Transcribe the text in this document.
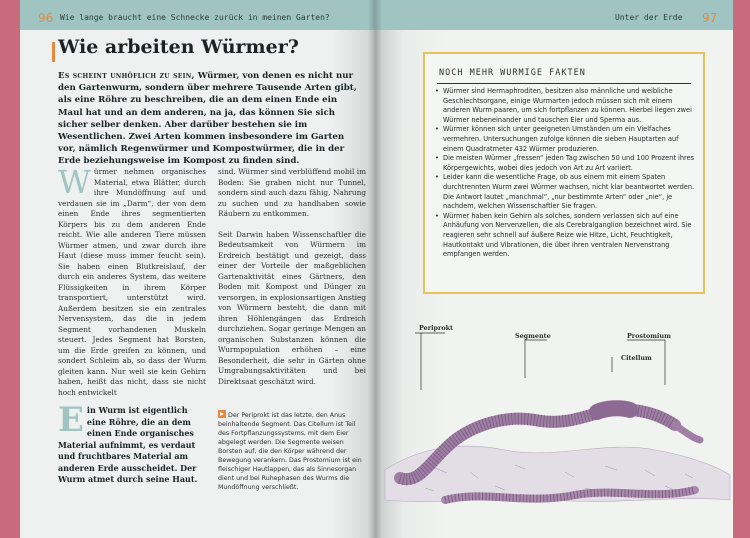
96 Wie lange braucht eine Schnecke zurück in meinen Garten?
Wie arbeiten Würmer?
Es scheint unhöflich zu sein, Würmer, von denen es nicht nur den Gartenwurm, sondern über mehrere Tausende Arten gibt, als eine Röhre zu beschreiben, die an dem einen Ende ein Maul hat und an dem anderen, na ja, das können Sie sich sicher selber denken. Aber darüber bestehen sie im Wesentlichen. Zwei Arten kommen insbesondere im Garten vor, nämlich Regenwürmer und Kompostwürmer, die in der Erde beziehungsweise im Kompost zu finden sind.
Würmer nehmen organisches Material, etwa Blätter, durch ihre Mundöffnung auf und verdauen sie im „Darm“, der von dem einen Ende ihres segmentierten Körpers bis zu dem anderen Ende reicht. Wie alle anderen Tiere müssen Würmer atmen, und zwar durch ihre Haut (diese muss immer feucht sein). Sie haben einen Blutkreislauf, der durch ein anderes System, das weitere Flüssigkeiten in ihrem Körper transportiert, unterstützt wird. Außerdem besitzen sie ein zentrales Nervensystem, das die in jedem Segment vorhandenen Muskeln steuert. Jedes Segment hat Borsten, um die Erde greifen zu können, und sondert Schleim ab, so dass der Wurm gleiten kann. Nur weil sie kein Gehirn haben, heißt das nicht, dass sie nicht hoch entwickelt
sind. Würmer sind verblüffend mobil im Boden: Sie graben nicht nur Tunnel, sondern sind auch dazu fähig, Nahrung zu suchen und zu handhaben sowie Räubern zu entkommen.
Seit Darwin haben Wissenschaftler die Bedeutsamkeit von Würmern im Erdreich bestätigt und gezeigt, dass einer der Vorteile der maßgeblichen Gartenaktivität eines Gärtners, den Boden mit Kompost und Dünger zu versorgen, in explosionsartigen Anstieg von Würmern besteht, die dann mit ihren Höhlengängen das Erdreich durchziehen. Sogar geringe Mengen an organischen Substanzen können die Wurmpopulation erhöhen – eine Besonderheit, die sehr in Gärten ohne Umgrabungsaktivitäten und bei Direktsaat geschätzt wird.
Ein Wurm ist eigentlich eine Röhre, die an dem einen Ende organisches Material aufnimmt, es verdaut und fruchtbares Material am anderen Erde ausscheidet. Der Wurm atmet durch seine Haut.
Der Periprokt ist das letzte, den Anus beinhaltende Segment. Das Citellum ist Teil des Fortpflanzungssystems, mit dem Eier abgelegt werden. Die Segmente weisen Borsten auf, die den Körper während der Bewegung verankern. Das Prostomium ist ein fleischiger Hautlappen, das als Sinnesorgan dient und bei Ruhephasen des Wurms die Mundöffnung verschließt.
Unter der Erde 97
NOCH MEHR WURMIGE FAKTEN
• Würmer sind Hermaphroditen, besitzen also männliche und weibliche Geschlechtsorgane, einige Wurmarten jedoch müssen sich mit einem anderen Wurm paaren, um sich fortpflanzen zu können. Hierbei liegen zwei Würmer nebeneinander und tauschen Eier und Sperma aus.
• Würmer können sich unter geeigneten Umständen um ein Vielfaches vermehren. Untersuchungen zufolge können die sieben Hauptarten auf einem Quadratmeter 432 Würmer produzieren.
• Die meisten Würmer „fressen“ jeden Tag zwischen 50 und 100 Prozent ihres Körpergewichts, wobei dies jedoch von Art zu Art variiert.
• Leider kann die wesentliche Frage, ob aus einem mit einem Spaten durchtrennten Wurm zwei Würmer wachsen, nicht klar beantwortet werden. Die Antwort lautet „manchmal“, „nur bestimmte Arten“ oder „nie“, je nachdem, welchen Wissenschaftler Sie fragen.
• Würmer haben kein Gehirn als solches, sondern verlassen sich auf eine Anhäufung von Nervenzellen, die als Cerebralganglion bezeichnet wird. Sie reagieren sehr schnell auf äußere Reize wie Hitze, Licht, Feuchtigkeit, Hautkontakt und Vibrationen, die über ihren ventralen Nervenstrang empfangen werden.
Periprokt
Segmente	Prostomium
Citellum
